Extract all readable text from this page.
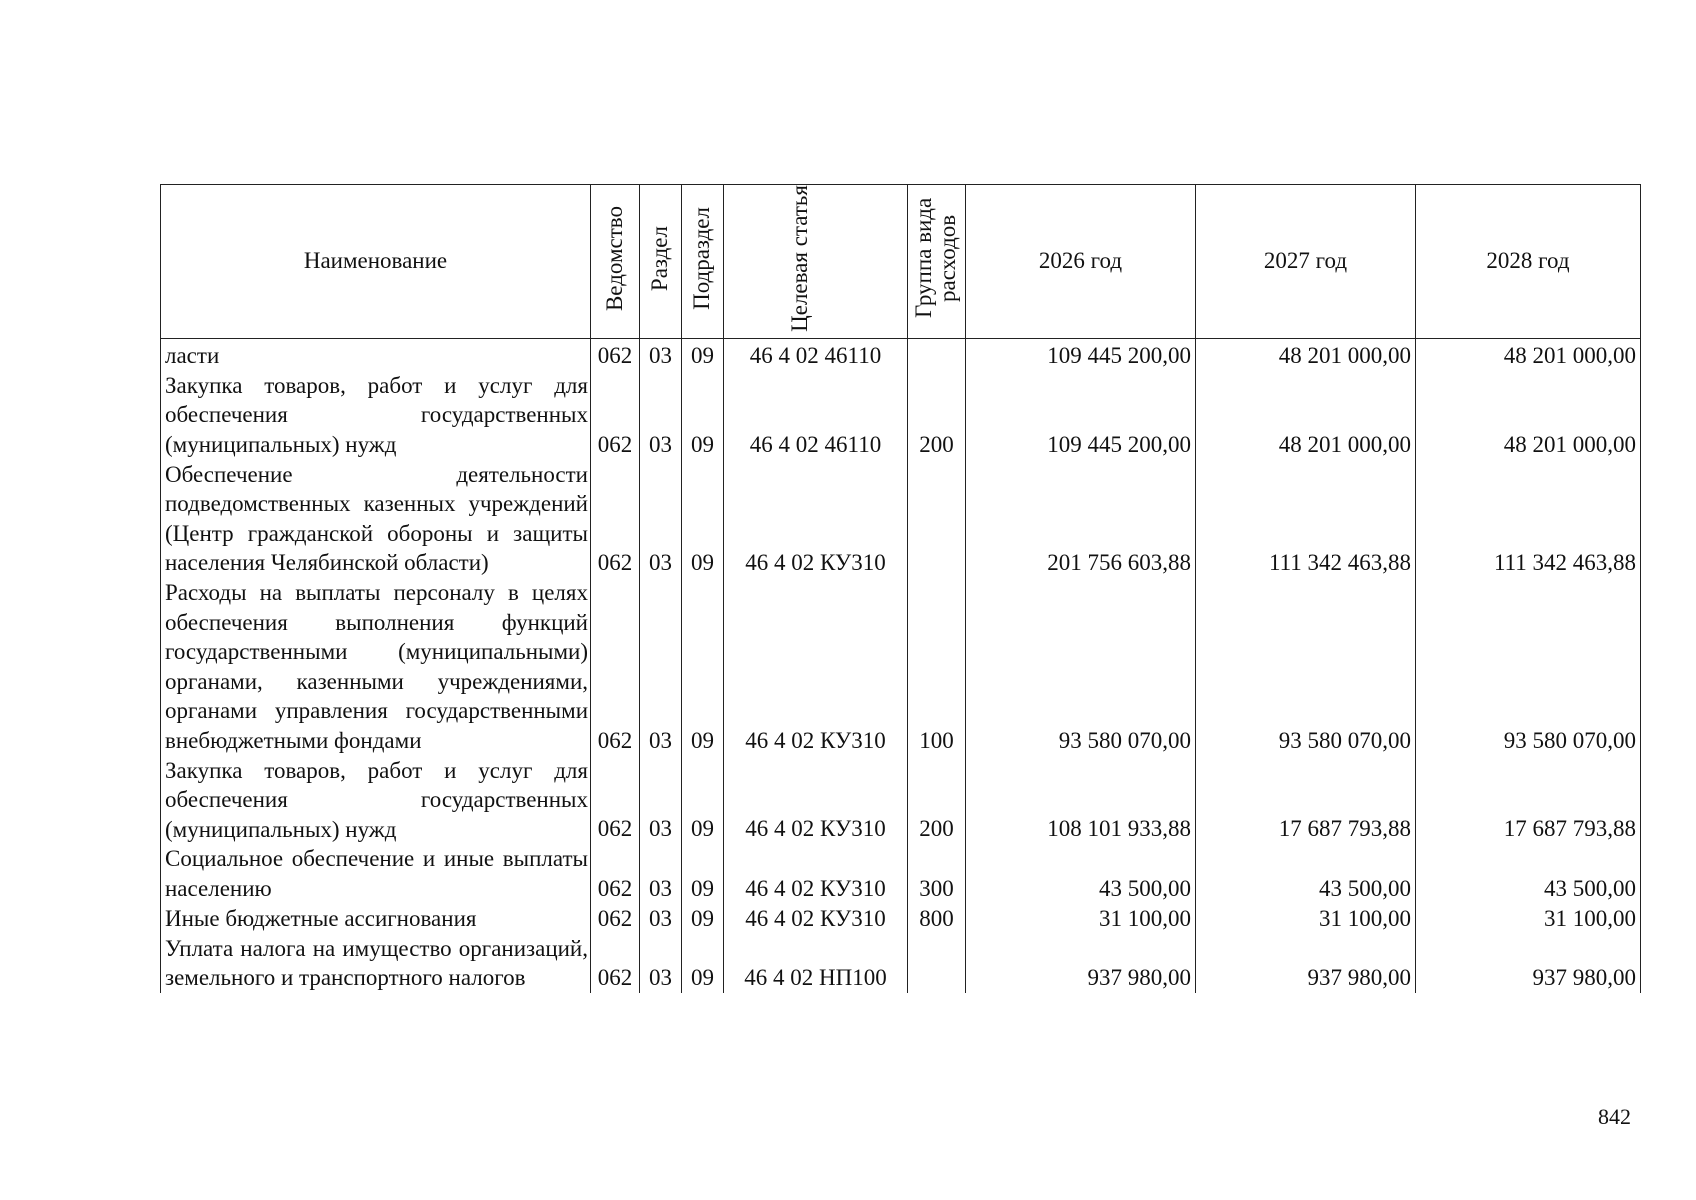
Наименование	Ведомство	Раздел	Подраздел	Целевая статья	Группа вида расходов	2026 год	2027 год	2028 год
ласти	062	03	09	46 4 02 46110		109 445 200,00	48 201 000,00	48 201 000,00
Закупка товаров, работ и услуг для обеспечения государственных (муниципальных) нужд	062	03	09	46 4 02 46110	200	109 445 200,00	48 201 000,00	48 201 000,00
Обеспечение деятельности подведомственных казенных учреждений (Центр гражданской обороны и защиты населения Челябинской области)	062	03	09	46 4 02 КУ310		201 756 603,88	111 342 463,88	111 342 463,88
Расходы на выплаты персоналу в целях обеспечения выполнения функций государственными (муниципальными) органами, казенными учреждениями, органами управления государственными внебюджетными фондами	062	03	09	46 4 02 КУ310	100	93 580 070,00	93 580 070,00	93 580 070,00
Закупка товаров, работ и услуг для обеспечения государственных (муниципальных) нужд	062	03	09	46 4 02 КУ310	200	108 101 933,88	17 687 793,88	17 687 793,88
Социальное обеспечение и иные выплаты населению	062	03	09	46 4 02 КУ310	300	43 500,00	43 500,00	43 500,00
Иные бюджетные ассигнования	062	03	09	46 4 02 КУ310	800	31 100,00	31 100,00	31 100,00
Уплата налога на имущество организаций, земельного и транспортного налогов	062	03	09	46 4 02 НП100		937 980,00	937 980,00	937 980,00
842
